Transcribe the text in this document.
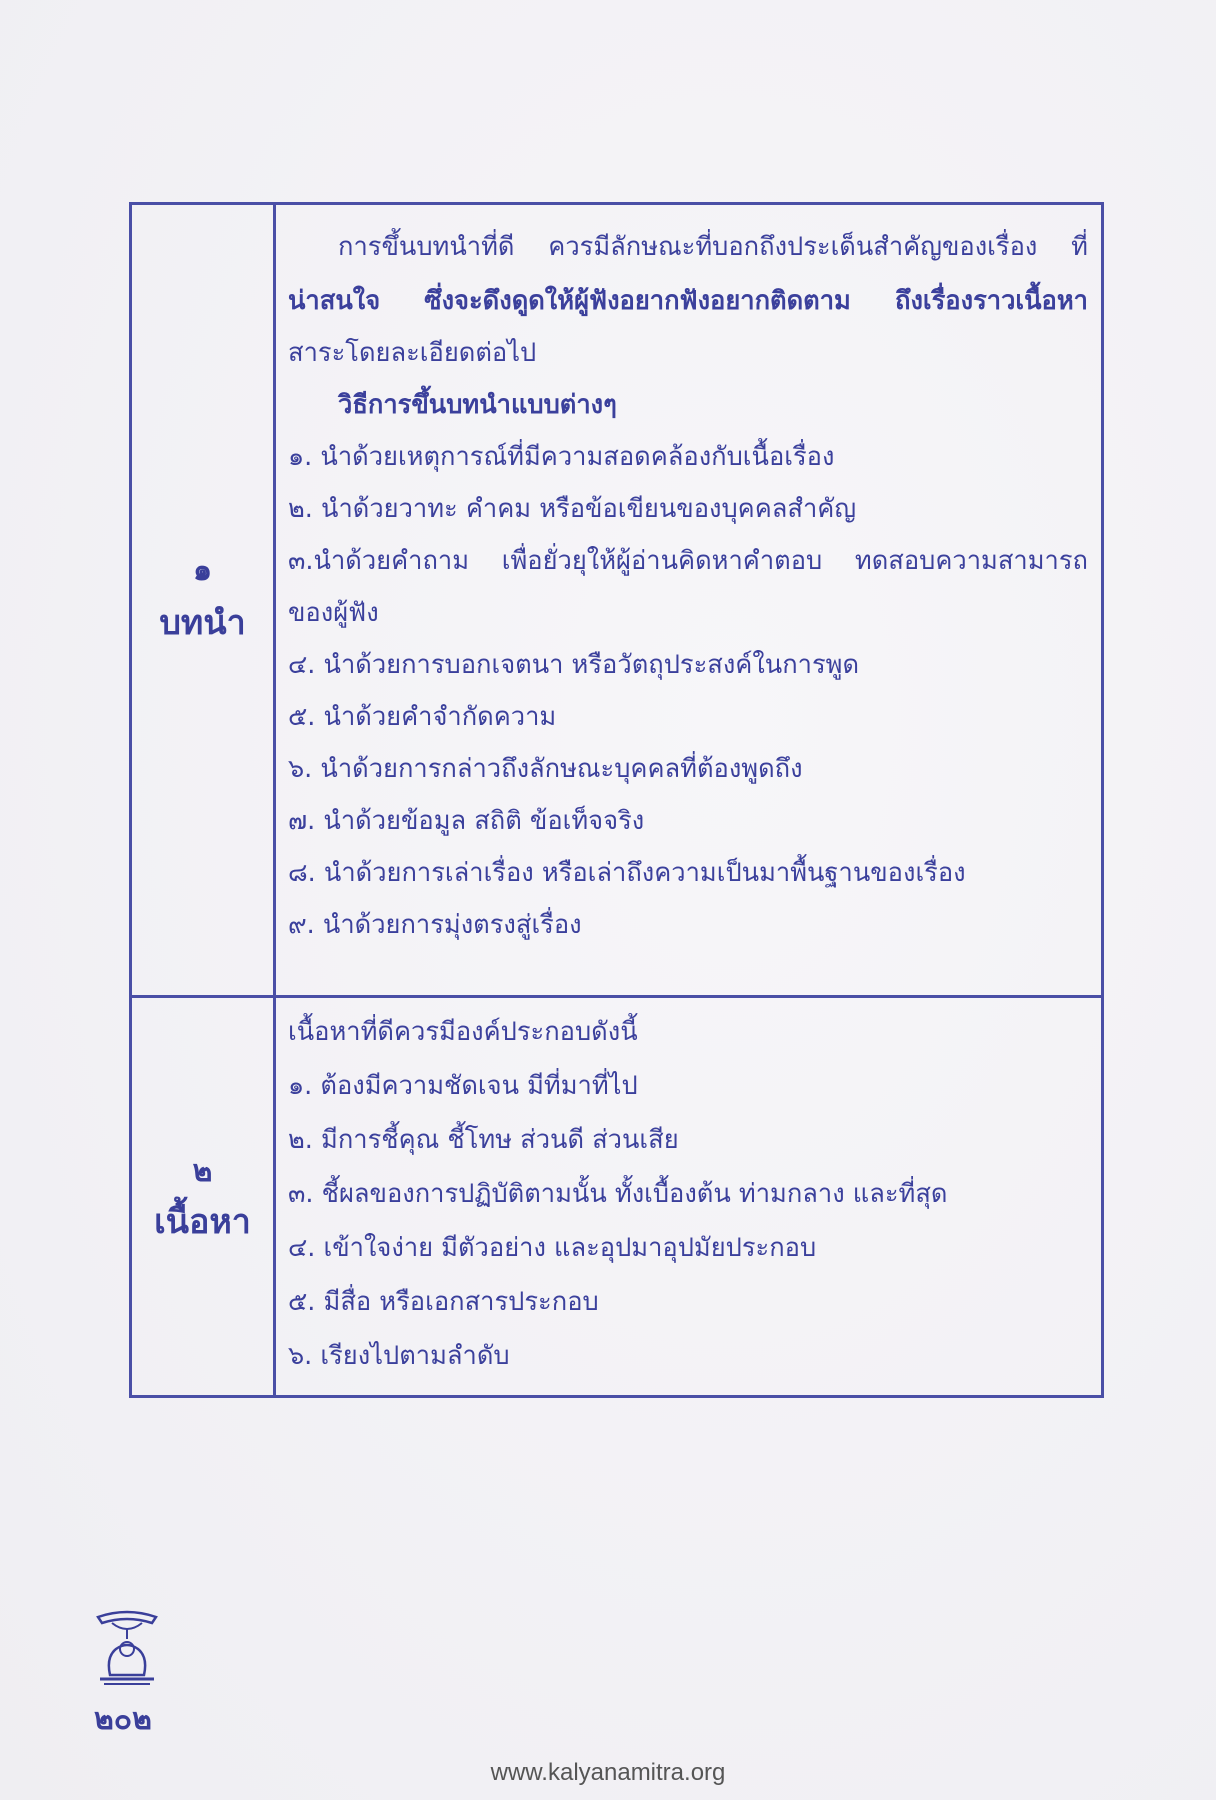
๑
บทนำ
การขึ้นบทนำที่ดี ควรมีลักษณะที่บอกถึงประเด็นสำคัญของเรื่อง ที่
น่าสนใจ ซึ่งจะดึงดูดให้ผู้ฟังอยากฟังอยากติดตาม ถึงเรื่องราวเนื้อหา
สาระโดยละเอียดต่อไป
วิธีการขึ้นบทนำแบบต่างๆ
๑. นำด้วยเหตุการณ์ที่มีความสอดคล้องกับเนื้อเรื่อง
๒. นำด้วยวาทะ คำคม หรือข้อเขียนของบุคคลสำคัญ
๓.นำด้วยคำถาม เพื่อยั่วยุให้ผู้อ่านคิดหาคำตอบ ทดสอบความสามารถ
ของผู้ฟัง
๔. นำด้วยการบอกเจตนา หรือวัตถุประสงค์ในการพูด
๕. นำด้วยคำจำกัดความ
๖. นำด้วยการกล่าวถึงลักษณะบุคคลที่ต้องพูดถึง
๗. นำด้วยข้อมูล สถิติ ข้อเท็จจริง
๘. นำด้วยการเล่าเรื่อง หรือเล่าถึงความเป็นมาพื้นฐานของเรื่อง
๙. นำด้วยการมุ่งตรงสู่เรื่อง
๒
เนื้อหา
เนื้อหาที่ดีควรมีองค์ประกอบดังนี้
๑. ต้องมีความชัดเจน มีที่มาที่ไป
๒. มีการชี้คุณ ชี้โทษ ส่วนดี ส่วนเสีย
๓. ชี้ผลของการปฏิบัติตามนั้น ทั้งเบื้องต้น ท่ามกลาง และที่สุด
๔. เข้าใจง่าย มีตัวอย่าง และอุปมาอุปมัยประกอบ
๕. มีสื่อ หรือเอกสารประกอบ
๖. เรียงไปตามลำดับ
๒๐๒
www.kalyanamitra.org
